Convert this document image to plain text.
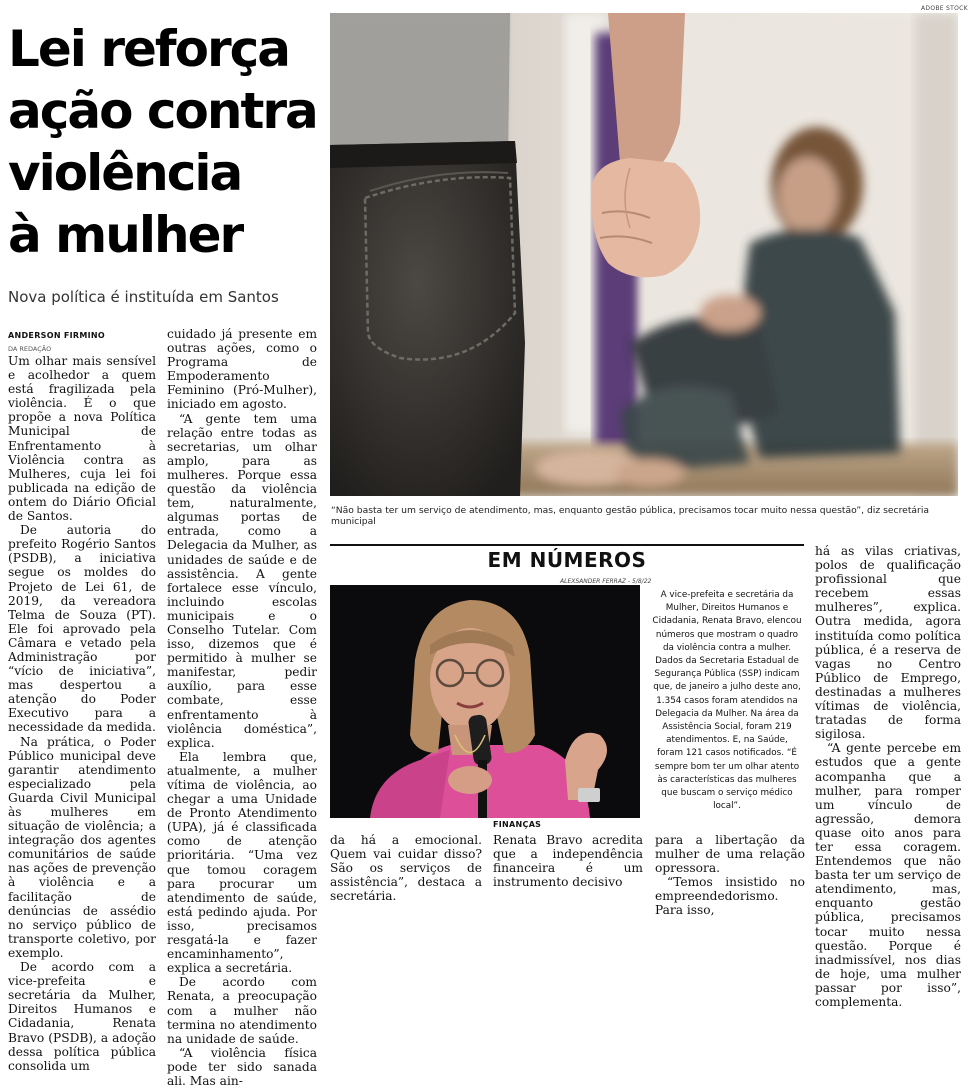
Lei reforça
ação contra
violência
à mulher
Nova política é instituída em Santos
ANDERSON FIRMINO
DA REDAÇÃO

Um olhar mais sensível e acolhedor a quem está fragilizada pela violência. É o que propõe a nova Política Municipal de Enfrentamento à Violência contra as Mulheres, cuja lei foi publicada na edição de ontem do Diário Oficial de Santos.

De autoria do prefeito Rogério Santos (PSDB), a iniciativa segue os moldes do Projeto de Lei 61, de 2019, da vereadora Telma de Souza (PT). Ele foi aprovado pela Câmara e vetado pela Administração por “vício de iniciativa”, mas despertou a atenção do Poder Executivo para a necessidade da medida.

Na prática, o Poder Público municipal deve garantir atendimento especializado pela Guarda Civil Municipal às mulheres em situação de violência; a integração dos agentes comunitários de saúde nas ações de prevenção à violência e a facilitação de denúncias de assédio no serviço público de transporte coletivo, por exemplo.

De acordo com a vice-prefeita e secretária da Mulher, Direitos Humanos e Cidadania, Renata Bravo (PSDB), a adoção dessa política pública consolida um

cuidado já presente em outras ações, como o Programa de Empoderamento Feminino (Pró-Mulher), iniciado em agosto.

“A gente tem uma relação entre todas as secretarias, um olhar amplo, para as mulheres. Porque essa questão da violência tem, naturalmente, algumas portas de entrada, como a Delegacia da Mulher, as unidades de saúde e de assistência. A gente fortalece esse vínculo, incluindo escolas municipais e o Conselho Tutelar. Com isso, dizemos que é permitido à mulher se manifestar, pedir auxílio, para esse combate, esse enfrentamento à violência doméstica”, explica.

Ela lembra que, atualmente, a mulher vítima de violência, ao chegar a uma Unidade de Pronto Atendimento (UPA), já é classificada como de atenção prioritária. “Uma vez que tomou coragem para procurar um atendimento de saúde, está pedindo ajuda. Por isso, precisamos resgatá-la e fazer encaminhamento”, explica a secretária.

De acordo com Renata, a preocupação com a mulher não termina no atendimento na unidade de saúde.

“A violência física pode ter sido sanada ali. Mas ain-

ADOBE STOCK
“Não basta ter um serviço de atendimento, mas, enquanto gestão pública, precisamos tocar muito nessa questão”, diz secretária municipal
EM NÚMEROS
ALEXSANDER FERRAZ - 5/8/22
A vice-prefeita e secretária da Mulher, Direitos Humanos e Cidadania, Renata Bravo, elencou números que mostram o quadro da violência contra a mulher. Dados da Secretaria Estadual de Segurança Pública (SSP) indicam que, de janeiro a julho deste ano, 1.354 casos foram atendidos na Delegacia da Mulher. Na área da Assistência Social, foram 219 atendimentos. E, na Saúde, foram 121 casos notificados. “É sempre bom ter um olhar atento às características das mulheres que buscam o serviço médico local”.

da há a emocional. Quem vai cuidar disso? São os serviços de assistência”, destaca a secretária.

FINANÇAS

Renata Bravo acredita que a independência financeira é um instrumento decisivo

para a libertação da mulher de uma relação opressora.

“Temos insistido no empreendedorismo. Para isso,

há as vilas criativas, polos de qualificação profissional que recebem essas mulheres”, explica. Outra medida, agora instituída como política pública, é a reserva de vagas no Centro Público de Emprego, destinadas a mulheres vítimas de violência, tratadas de forma sigilosa.

“A gente percebe em estudos que a gente acompanha que a mulher, para romper um vínculo de agressão, demora quase oito anos para ter essa coragem. Entendemos que não basta ter um serviço de atendimento, mas, enquanto gestão pública, precisamos tocar muito nessa questão. Porque é inadmissível, nos dias de hoje, uma mulher passar por isso”, complementa.
